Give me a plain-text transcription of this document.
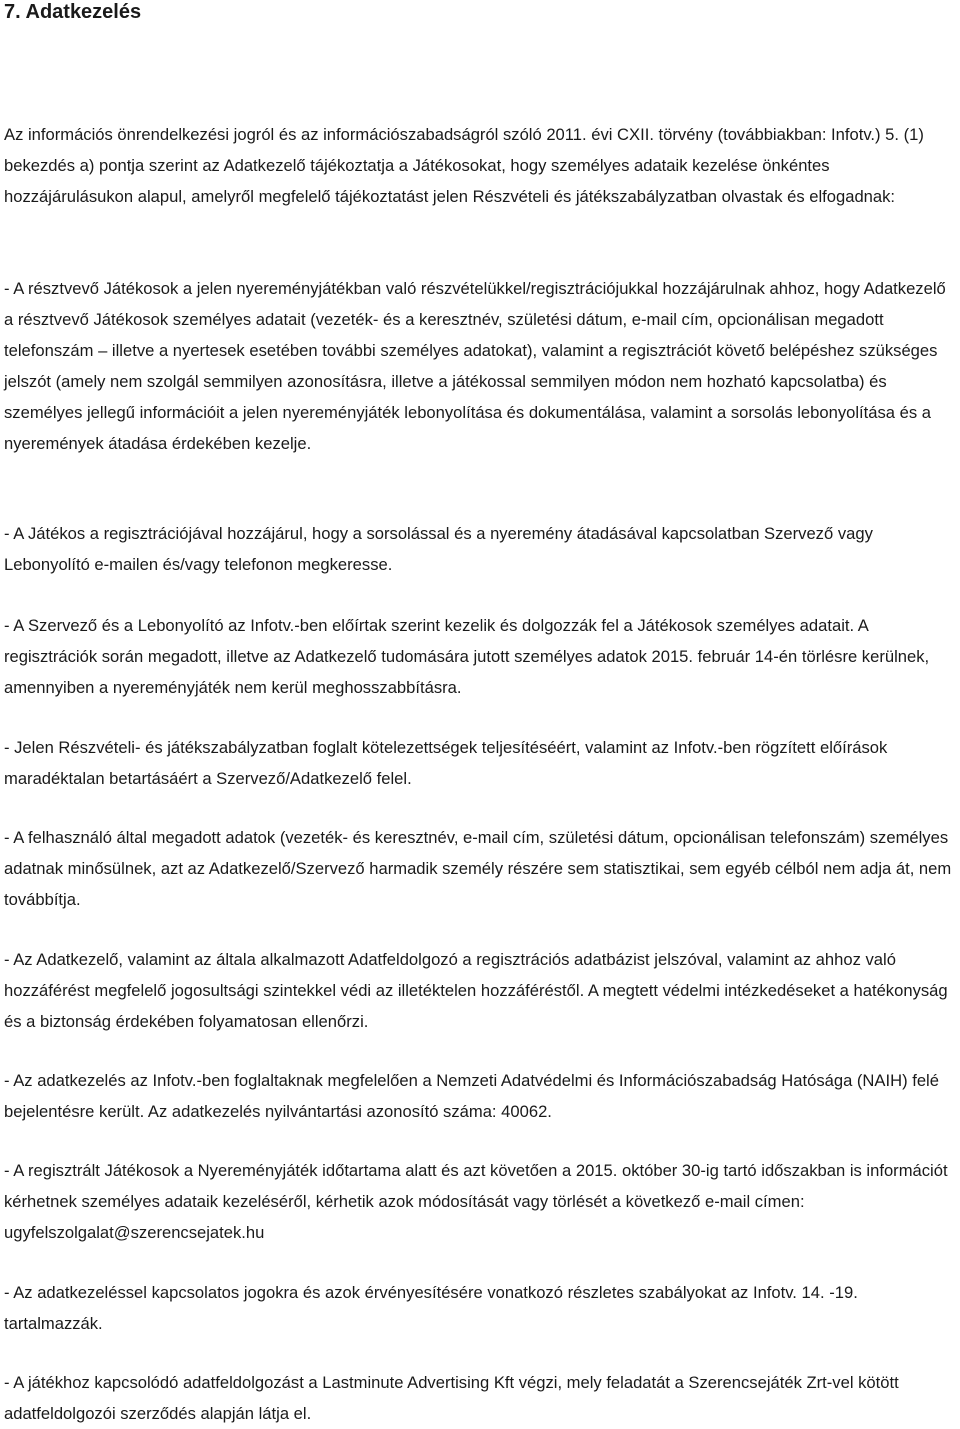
7. Adatkezelés

Az információs önrendelkezési jogról és az információszabadságról szóló 2011. évi CXII. törvény (továbbiakban: Infotv.) 5. (1) bekezdés a) pontja szerint az Adatkezelő tájékoztatja a Játékosokat, hogy személyes adataik kezelése önkéntes hozzájárulásukon alapul, amelyről megfelelő tájékoztatást jelen Részvételi és játékszabályzatban olvastak és elfogadnak:

- A résztvevő Játékosok a jelen nyereményjátékban való részvételükkel/regisztrációjukkal hozzájárulnak ahhoz, hogy Adatkezelő a résztvevő Játékosok személyes adatait (vezeték- és a keresztnév, születési dátum, e-mail cím, opcionálisan megadott telefonszám – illetve a nyertesek esetében további személyes adatokat), valamint a regisztrációt követő belépéshez szükséges jelszót (amely nem szolgál semmilyen azonosításra, illetve a játékossal semmilyen módon nem hozható kapcsolatba) és személyes jellegű információit a jelen nyereményjáték lebonyolítása és dokumentálása, valamint a sorsolás lebonyolítása és a nyeremények átadása érdekében kezelje.

- A Játékos a regisztrációjával hozzájárul, hogy a sorsolással és a nyeremény átadásával kapcsolatban Szervező vagy Lebonyolító e-mailen és/vagy telefonon megkeresse.

- A Szervező és a Lebonyolító az Infotv.-ben előírtak szerint kezelik és dolgozzák fel a Játékosok személyes adatait. A regisztrációk során megadott, illetve az Adatkezelő tudomására jutott személyes adatok 2015. február 14-én törlésre kerülnek, amennyiben a nyereményjáték nem kerül meghosszabbításra.

- Jelen Részvételi- és játékszabályzatban foglalt kötelezettségek teljesítéséért, valamint az Infotv.-ben rögzített előírások maradéktalan betartásáért a Szervező/Adatkezelő felel.

- A felhasználó által megadott adatok (vezeték- és keresztnév, e-mail cím, születési dátum, opcionálisan telefonszám) személyes adatnak minősülnek, azt az Adatkezelő/Szervező harmadik személy részére sem statisztikai, sem egyéb célból nem adja át, nem továbbítja.

- Az Adatkezelő, valamint az általa alkalmazott Adatfeldolgozó a regisztrációs adatbázist jelszóval, valamint az ahhoz való hozzáférést megfelelő jogosultsági szintekkel védi az illetéktelen hozzáféréstől. A megtett védelmi intézkedéseket a hatékonyság és a biztonság érdekében folyamatosan ellenőrzi.

- Az adatkezelés az Infotv.-ben foglaltaknak megfelelően a Nemzeti Adatvédelmi és Információszabadság Hatósága (NAIH) felé bejelentésre került. Az adatkezelés nyilvántartási azonosító száma: 40062.

- A regisztrált Játékosok a Nyereményjáték időtartama alatt és azt követően a 2015. október 30-ig tartó időszakban is információt kérhetnek személyes adataik kezeléséről, kérhetik azok módosítását vagy törlését a következő e-mail címen: ugyfelszolgalat@szerencsejatek.hu

- Az adatkezeléssel kapcsolatos jogokra és azok érvényesítésére vonatkozó részletes szabályokat az Infotv. 14. -19. tartalmazzák.

- A játékhoz kapcsolódó adatfeldolgozást a Lastminute Advertising Kft végzi, mely feladatát a Szerencsejáték Zrt-vel kötött adatfeldolgozói szerződés alapján látja el.
